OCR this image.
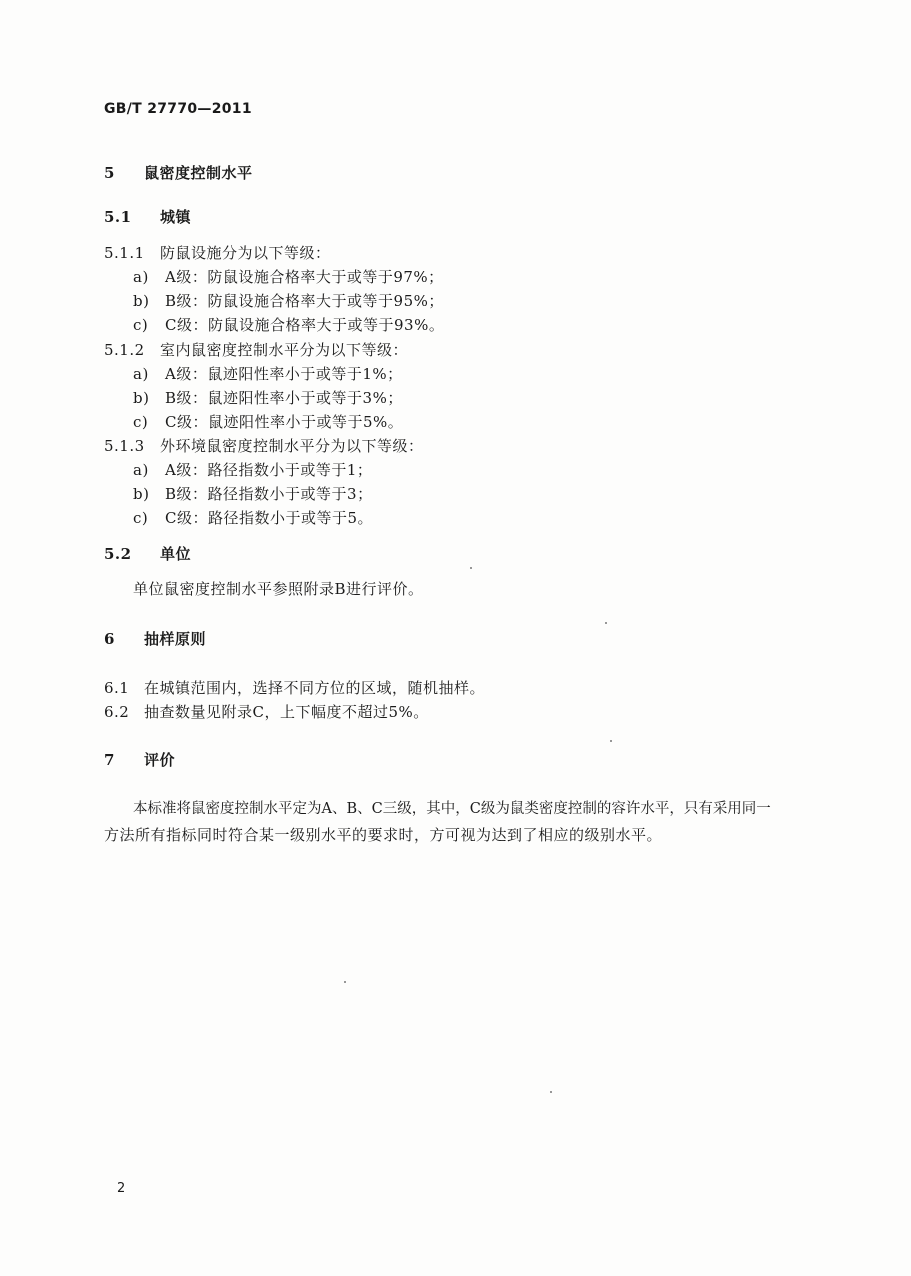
GB/T 27770—2011
5 鼠密度控制水平
5.1 城镇
5.1.1 防鼠设施分为以下等级：
a) A级：防鼠设施合格率大于或等于97%；
b) B级：防鼠设施合格率大于或等于95%；
c) C级：防鼠设施合格率大于或等于93%。
5.1.2 室内鼠密度控制水平分为以下等级：
a) A级：鼠迹阳性率小于或等于1%；
b) B级：鼠迹阳性率小于或等于3%；
c) C级：鼠迹阳性率小于或等于5%。
5.1.3 外环境鼠密度控制水平分为以下等级：
a) A级：路径指数小于或等于1；
b) B级：路径指数小于或等于3；
c) C级：路径指数小于或等于5。
5.2 单位
单位鼠密度控制水平参照附录B进行评价。
6 抽样原则
6.1 在城镇范围内，选择不同方位的区域，随机抽样。
6.2 抽查数量见附录C，上下幅度不超过5%。
7 评价
本标准将鼠密度控制水平定为A、B、C三级，其中，C级为鼠类密度控制的容许水平，只有采用同一
方法所有指标同时符合某一级别水平的要求时，方可视为达到了相应的级别水平。
2
